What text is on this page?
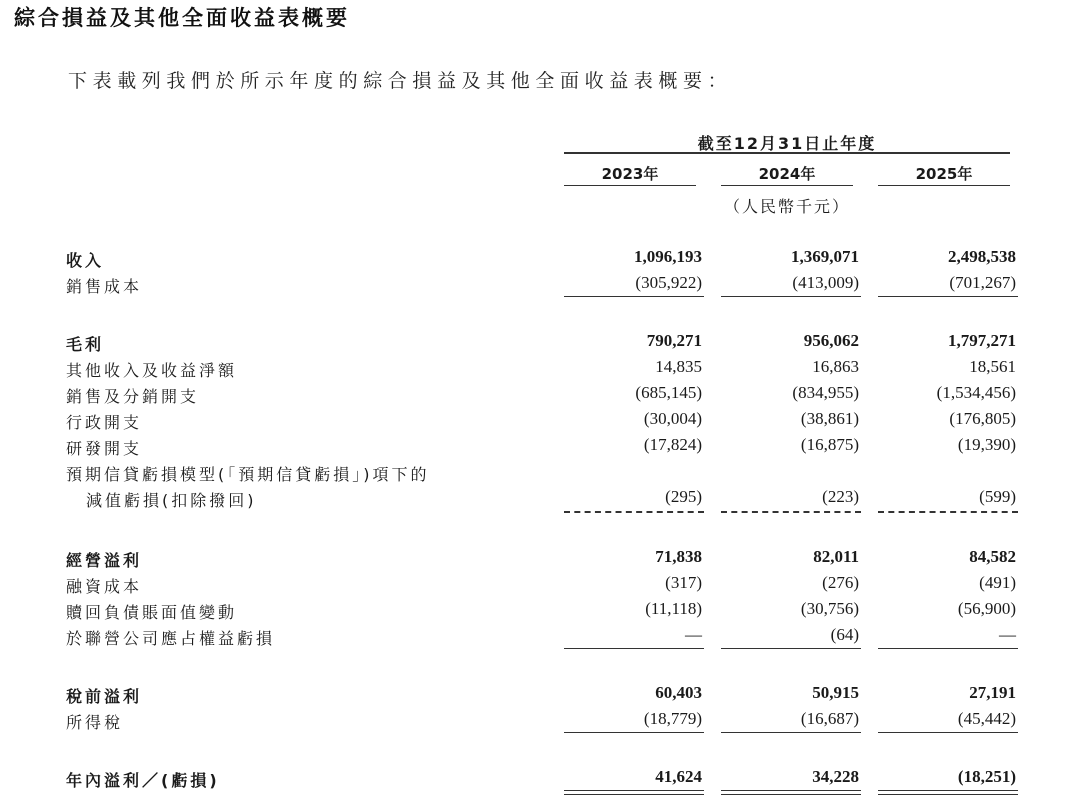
綜合損益及其他全面收益表概要
下表載列我們於所示年度的綜合損益及其他全面收益表概要：
截至12月31日止年度
2023年	2024年	2025年
（人民幣千元）
收入	1,096,193	1,369,071	2,498,538
銷售成本	(305,922)	(413,009)	(701,267)
毛利	790,271	956,062	1,797,271
其他收入及收益淨額	14,835	16,863	18,561
銷售及分銷開支	(685,145)	(834,955)	(1,534,456)
行政開支	(30,004)	(38,861)	(176,805)
研發開支	(17,824)	(16,875)	(19,390)
預期信貸虧損模型(「預期信貸虧損」)項下的
減值虧損(扣除撥回)	(295)	(223)	(599)
經營溢利	71,838	82,011	84,582
融資成本	(317)	(276)	(491)
贖回負債賬面值變動	(11,118)	(30,756)	(56,900)
於聯營公司應占權益虧損	—	(64)	—
稅前溢利	60,403	50,915	27,191
所得稅	(18,779)	(16,687)	(45,442)
年內溢利／(虧損)	41,624	34,228	(18,251)
